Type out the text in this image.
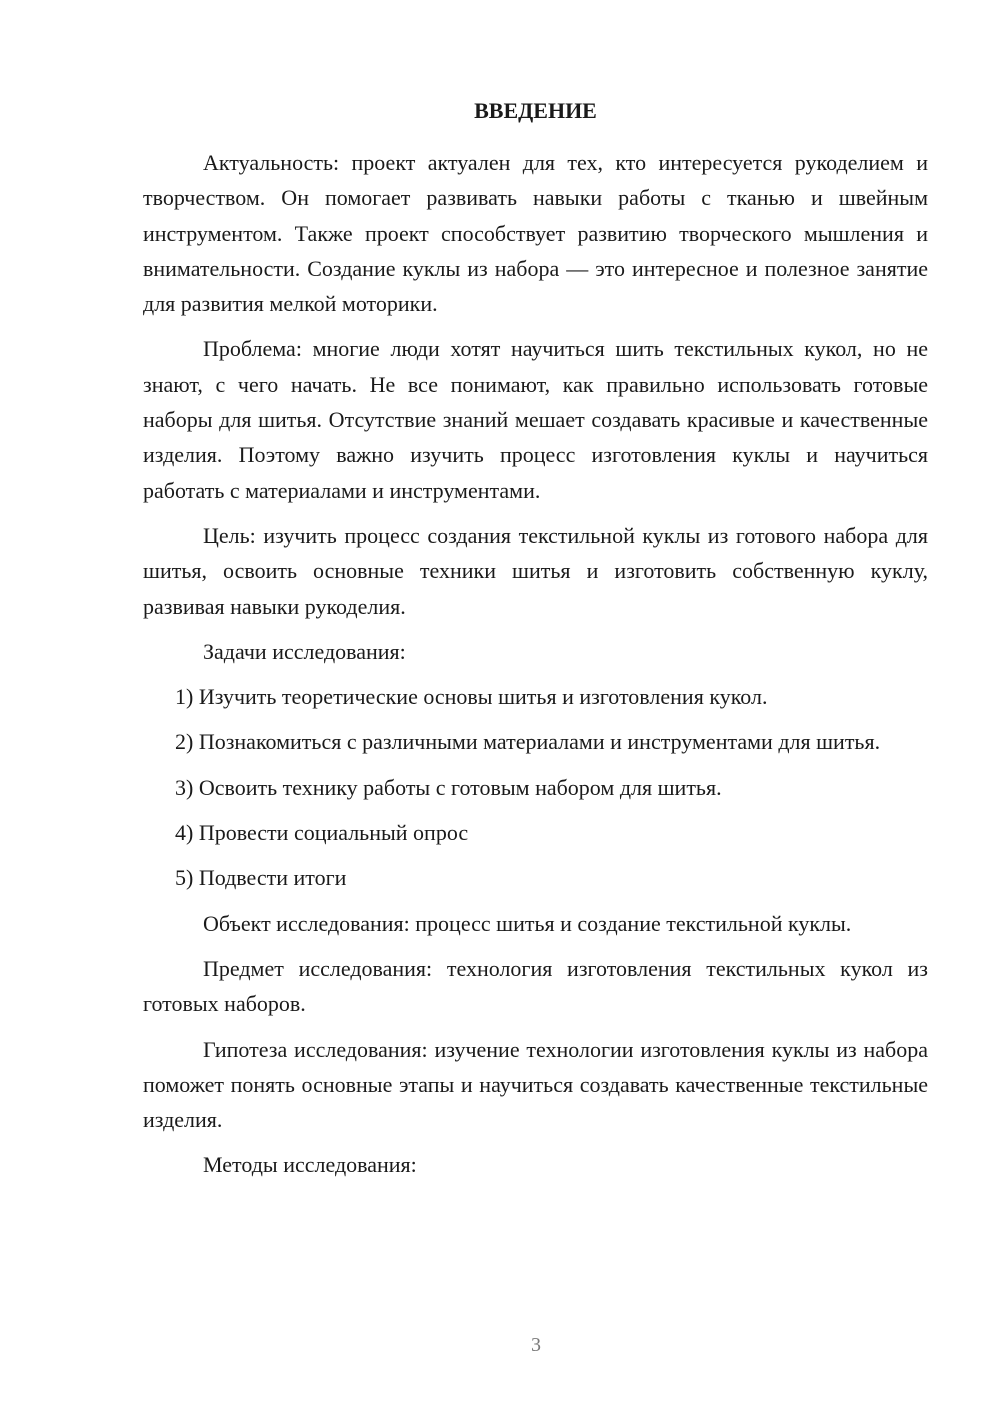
ВВЕДЕНИЕ

Актуальность: проект актуален для тех, кто интересуется рукоделием и творчеством. Он помогает развивать навыки работы с тканью и швейным инструментом. Также проект способствует развитию творческого мышления и внимательности. Создание куклы из набора — это интересное и полезное занятие для развития мелкой моторики.

Проблема: многие люди хотят научиться шить текстильных кукол, но не знают, с чего начать. Не все понимают, как правильно использовать готовые наборы для шитья. Отсутствие знаний мешает создавать красивые и качественные изделия. Поэтому важно изучить процесс изготовления куклы и научиться работать с материалами и инструментами.

Цель: изучить процесс создания текстильной куклы из готового набора для шитья, освоить основные техники шитья и изготовить собственную куклу, развивая навыки рукоделия.

Задачи исследования:

1) Изучить теоретические основы шитья и изготовления кукол.

2) Познакомиться с различными материалами и инструментами для шитья.

3) Освоить технику работы с готовым набором для шитья.

4) Провести социальный опрос

5) Подвести итоги

Объект исследования: процесс шитья и создание текстильной куклы.

Предмет исследования: технология изготовления текстильных кукол из готовых наборов.

Гипотеза исследования: изучение технологии изготовления куклы из набора поможет понять основные этапы и научиться создавать качественные текстильные изделия.

Методы исследования:

3
